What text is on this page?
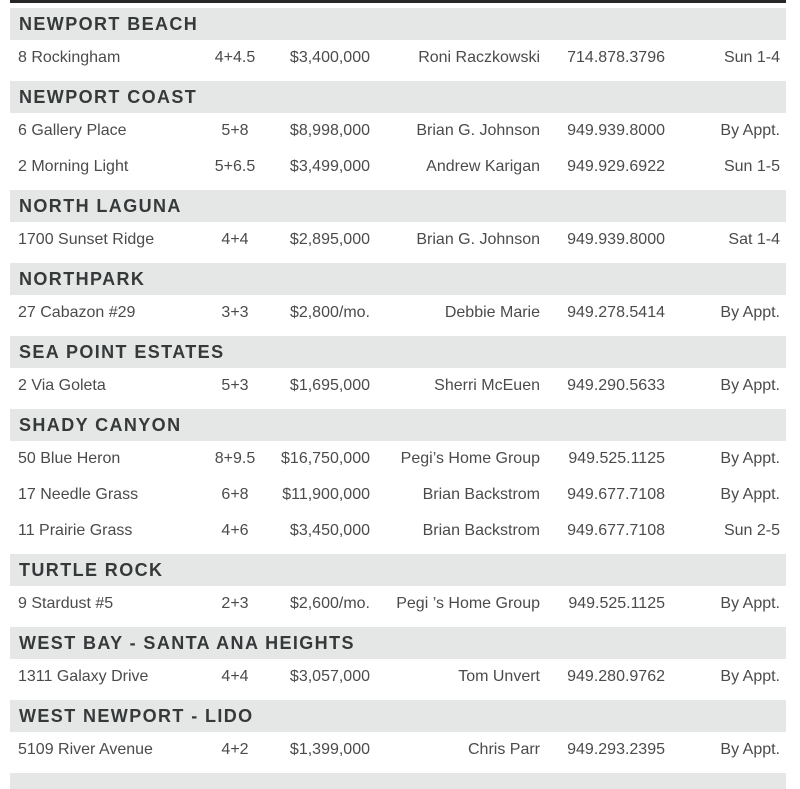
NEWPORT BEACH
8 Rockingham	4+4.5	$3,400,000	Roni Raczkowski	714.878.3796	Sun 1-4
NEWPORT COAST
6 Gallery Place	5+8	$8,998,000	Brian G. Johnson	949.939.8000	By Appt.
2 Morning Light	5+6.5	$3,499,000	Andrew Karigan	949.929.6922	Sun 1-5
NORTH LAGUNA
1700 Sunset Ridge	4+4	$2,895,000	Brian G. Johnson	949.939.8000	Sat 1-4
NORTHPARK
27 Cabazon #29	3+3	$2,800/mo.	Debbie Marie	949.278.5414	By Appt.
SEA POINT ESTATES
2 Via Goleta	5+3	$1,695,000	Sherri McEuen	949.290.5633	By Appt.
SHADY CANYON
50 Blue Heron	8+9.5	$16,750,000	Pegi’s Home Group	949.525.1125	By Appt.
17 Needle Grass	6+8	$11,900,000	Brian Backstrom	949.677.7108	By Appt.
11 Prairie Grass	4+6	$3,450,000	Brian Backstrom	949.677.7108	Sun 2-5
TURTLE ROCK
9 Stardust #5	2+3	$2,600/mo.	Pegi ’s Home Group	949.525.1125	By Appt.
WEST BAY - SANTA ANA HEIGHTS
1311 Galaxy Drive	4+4	$3,057,000	Tom Unvert	949.280.9762	By Appt.
WEST NEWPORT - LIDO
5109 River Avenue	4+2	$1,399,000	Chris Parr	949.293.2395	By Appt.
